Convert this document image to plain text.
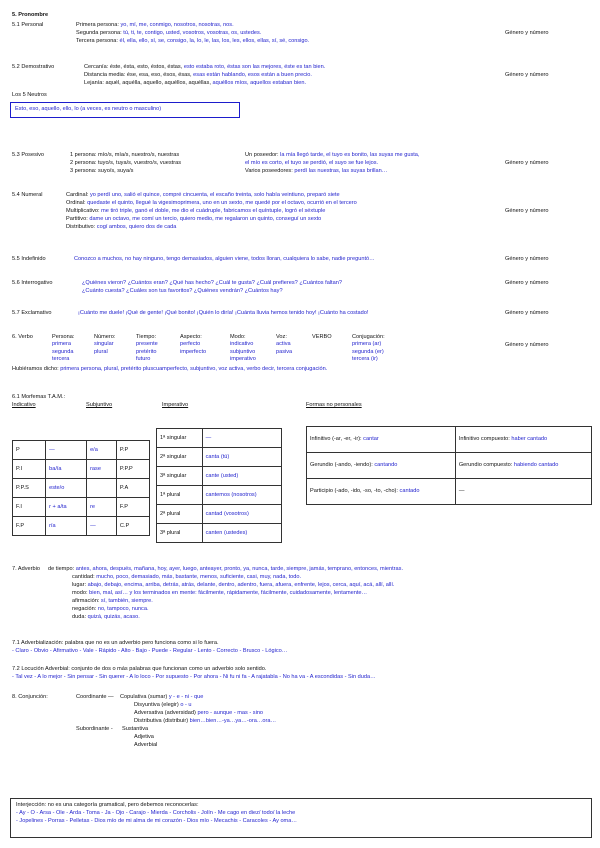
5. Pronombre
5.1 Personal	Primera persona: yo, mí, me, conmigo, nosotros, nosotras, nos.
Segunda persona: tú, ti, te, contigo, usted, vosotros, vosotras, os, ustedes.
Tercera persona: él, ella, ello, sí, se, consigo, la, lo, le, las, los, les, ellos, ellas, sí, sé, consigo.
Género y número
5.2 Demostrativo	Cercanía: éste, ésta, esto, éstos, éstas, esto estaba roto, éstas son las mejores, éste es tan bien.
Distancia media: ése, esa, eso, ésos, ésas, esas están hablando, esos están a buen precio.
Lejanía: aquél, aquélla, aquello, aquéllos, aquéllas, aquéllos míos, aquellos estaban bien.
Género y número
Los 5 Neutros
Esto, eso, aquello, ello, lo (a veces, es neutro o masculino)
5.3 Posesivo	1 persona: mío/s, mía/s, nuestro/s, nuestras
2 persona: tuyo/s, tuya/s, vuestro/s, vuestras
3 persona: suyo/s, suya/s
Un poseedor: la mía llegó tarde, el tuyo es bonito, las suyas me gusta,
el mío es corto, el tuyo se perdió, el suyo se fue lejos.
Varios poseedores: perdí las nuestras, las suyas brillan…
Género y número
5.4 Numeral	Cardinal: yo perdí uno, salió el quince, compré cincuenta, el escaño treinta, solo había veintiuno, preparó siete
Ordinal: quedaste el quinto, llegué la vigesimoprimera, uno en un sexto, me quedé por el octavo, ocurrió en el tercero
Multiplicativo: me tiró triple, ganó el doble, me dio el cuádruple, fabricamos el quíntuple, logró el séxtuple
Partitivo: dame un octavo, me comí un tercio, quiero medio, me regalaron un quinto, conseguí un sexto
Distributivo: cogí ambos, quiero dos de cada
Género y número
5.5 Indefinido	Conozco a muchos, no hay ninguno, tengo demasiados, alguien viene, todos lloran, cualquiera lo sabe, nadie preguntó…	Género y número
5.6 Interrogativo	¿Quiénes vieron? ¿Cuántos eran? ¿Qué has hecho? ¿Cuál te gusta? ¿Cuál prefieres? ¿Cuántos faltan?
¿Cuánto cuesta? ¿Cuáles son tus favoritos? ¿Quiénes vendrán? ¿Cuántos hay?
Género y número
5.7 Exclamativo	¡Cuánto me duele! ¡Qué de gente! ¡Qué bonito! ¡Quién lo diría! ¡Cuánta lluvia hemos tenido hoy! ¡Cuánto ha costado!	Género y número
6. Verbo	Persona:
primera
segunda
tercera
Número:
singular
plural
Tiempo:
presente
pretérito
futuro
Aspecto:
perfecto
imperfecto
Modo:
indicativo
subjuntivo
imperativo
Voz:
activa
pasiva
VERBO	Conjugación:
primera (ar)
segunda (er)
tercera (ir)
Género y número
Hubiéramos dicho: primera persona, plural, pretérito pluscuamperfecto, subjuntivo, voz activa, verbo decir, tercera conjugación.
6.1 Morfemas T.A.M.:
Indicativo	Subjuntivo	Imperativo	Formas no personales
P	—	e/a	P.P
P.I	ba/ía	rase	P.P.P
P.P.S	este/o		P.A
F.I	r + a/ta	re	F.P
F.P	ría	—	C.P
1ª singular	—
2ª singular	canta (tú)
3ª singular	cante (usted)
1ª plural	cantemos (nosotros)
2ª plural	cantad (vosotros)
3ª plural	canten (ustedes)
Infinitivo (-ar, -er, -ir): cantar	Infinitivo compuesto: haber cantado
Gerundio (-ando, -iendo): cantando	Gerundio compuesto: habiendo cantado
Participio (-ado, -ido, -so, -to, -cho): cantado	—
7. Adverbio de tiempo: antes, ahora, después, mañana, hoy, ayer, luego, anteayer, pronto, ya, nunca, tarde, siempre, jamás, temprano, entonces, mientras.
cantidad: mucho, poco, demasiado, más, bastante, menos, suficiente, casi, muy, nada, todo.
lugar: abajo, debajo, encima, arriba, detrás, atrás, delante, dentro, adentro, fuera, afuera, enfrente, lejos, cerca, aquí, acá, allí, allí.
modo: bien, mal, así… y los terminados en mente: fácilmente, rápidamente, fácilmente, cuidadosamente, lentamente…
afirmación: sí, también, siempre.
negación: no, tampoco, nunca.
duda: quizá, quizás, acaso.
7.1 Adverbialización: palabra que no es un adverbio pero funciona como si lo fuera.
- Claro - Obvio - Afirmativo - Vale - Rápido - Alto - Bajo - Puede - Regular - Lento - Correcto - Brusco - Lógico…
7.2 Locución Adverbial: conjunto de dos o más palabras que funcionan como un adverbio solo sentido.
- Tal vez - A lo mejor - Sin pensar - Sin querer - A lo loco - Por supuesto - Por ahora - Ni fu ni fa - A rajatabla - No ha va - A escondidas - Sin duda…
8. Conjunción:	Coordinante — Copulativa (sumar) y - e - ni - que
Disyuntiva (elegir) o - u
Adversativa (adversidad) pero - aunque - mas - sino
Distributiva (distribuir) bien…bien…-ya…ya…-ora…ora…
Subordinante - Sustantiva
Adjetiva
Adverbial
Interjección: no es una categoría gramatical, pero debemos reconocerlas:
- Ay - O - Arsa - Ole - Arda - Toma - Ja - Ojo - Carajo - Mierda - Corcholis - Jolín - Me cago en diez/ todo/ la leche
- Jopelines - Porras - Pelletas - Dios mío de mi alma de mi corazón - Dios mío - Mecachis - Caracoles - Ay oma…
